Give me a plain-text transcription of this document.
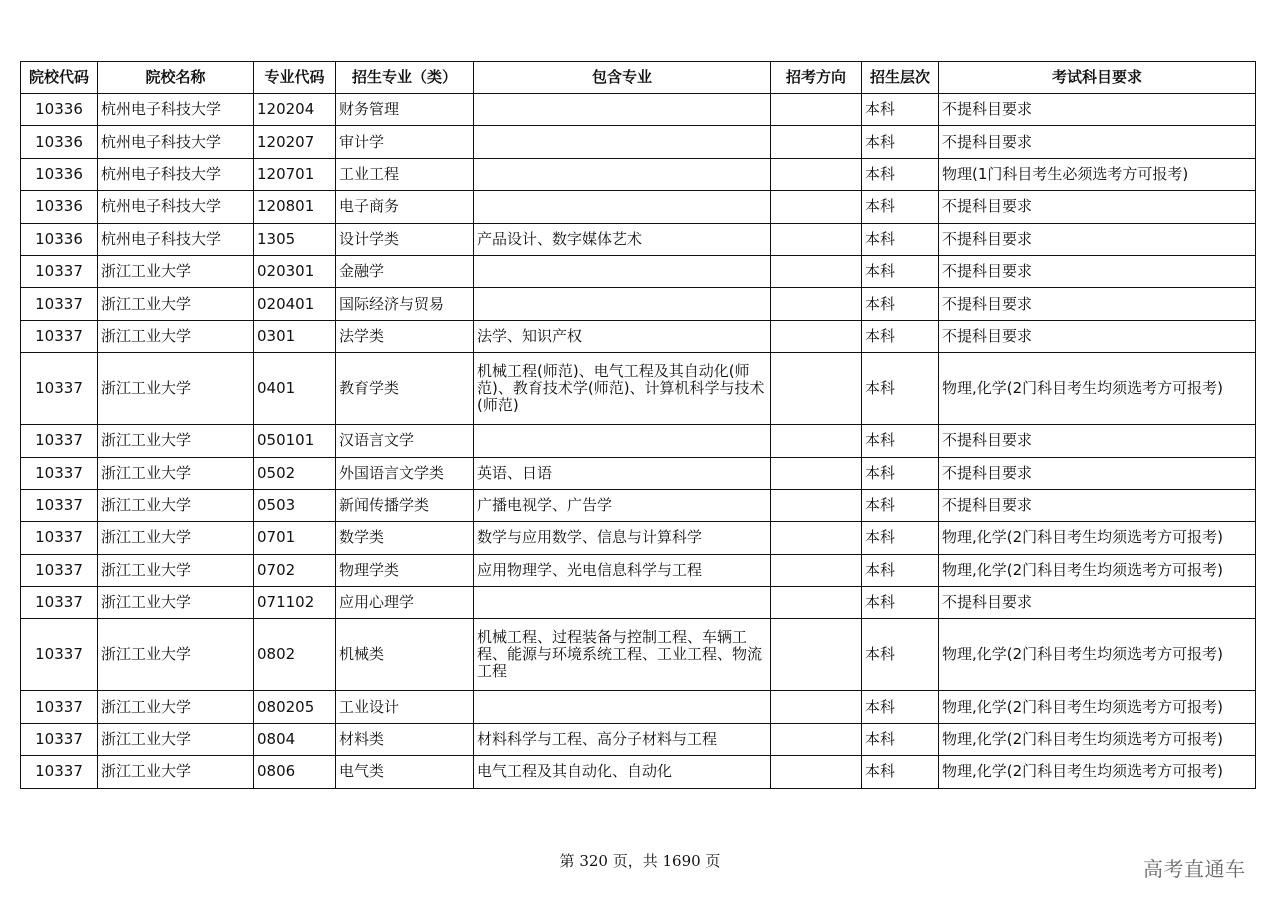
院校代码	院校名称	专业代码	招生专业（类）	包含专业	招考方向	招生层次	考试科目要求
10336	杭州电子科技大学	120204	财务管理			本科	不提科目要求
10336	杭州电子科技大学	120207	审计学			本科	不提科目要求
10336	杭州电子科技大学	120701	工业工程			本科	物理(1门科目考生必须选考方可报考)
10336	杭州电子科技大学	120801	电子商务			本科	不提科目要求
10336	杭州电子科技大学	1305	设计学类	产品设计、数字媒体艺术		本科	不提科目要求
10337	浙江工业大学	020301	金融学			本科	不提科目要求
10337	浙江工业大学	020401	国际经济与贸易			本科	不提科目要求
10337	浙江工业大学	0301	法学类	法学、知识产权		本科	不提科目要求
10337	浙江工业大学	0401	教育学类	机械工程(师范)、电气工程及其自动化(师范)、教育技术学(师范)、计算机科学与技术(师范)		本科	物理,化学(2门科目考生均须选考方可报考)
10337	浙江工业大学	050101	汉语言文学			本科	不提科目要求
10337	浙江工业大学	0502	外国语言文学类	英语、日语		本科	不提科目要求
10337	浙江工业大学	0503	新闻传播学类	广播电视学、广告学		本科	不提科目要求
10337	浙江工业大学	0701	数学类	数学与应用数学、信息与计算科学		本科	物理,化学(2门科目考生均须选考方可报考)
10337	浙江工业大学	0702	物理学类	应用物理学、光电信息科学与工程		本科	物理,化学(2门科目考生均须选考方可报考)
10337	浙江工业大学	071102	应用心理学			本科	不提科目要求
10337	浙江工业大学	0802	机械类	机械工程、过程装备与控制工程、车辆工程、能源与环境系统工程、工业工程、物流工程		本科	物理,化学(2门科目考生均须选考方可报考)
10337	浙江工业大学	080205	工业设计			本科	物理,化学(2门科目考生均须选考方可报考)
10337	浙江工业大学	0804	材料类	材料科学与工程、高分子材料与工程		本科	物理,化学(2门科目考生均须选考方可报考)
10337	浙江工业大学	0806	电气类	电气工程及其自动化、自动化		本科	物理,化学(2门科目考生均须选考方可报考)
第 320 页，共 1690 页	高考直通车
